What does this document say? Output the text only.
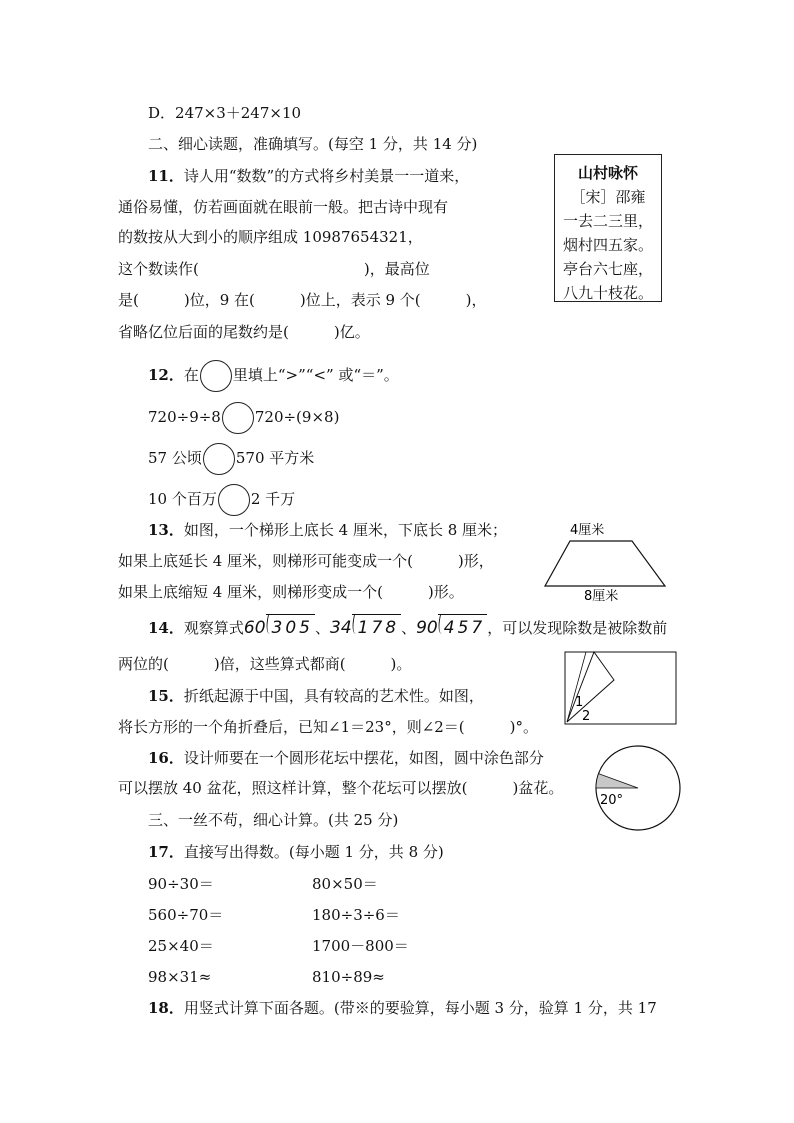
D．247×3＋247×10
二、细心读题，准确填写。(每空 1 分，共 14 分)
11．诗人用“数数”的方式将乡村美景一一道来，
通俗易懂，仿若画面就在眼前一般。把古诗中现有
的数按从大到小的顺序组成 10987654321，
这个数读作(　　　　　　　　　　　)，最高位
是(　　　)位，9 在(　　　)位上，表示 9 个(　　　)，
省略亿位后面的尾数约是(　　　)亿。
山村咏怀
［宋］邵雍
一去二三里，
烟村四五家。
亭台六七座，
八九十枝花。
12．在 里填上“>”“<” 或“＝”。
720÷9÷8 720÷(9×8)
57 公顷 570 平方米
10 个百万 2 千万
13．如图，一个梯形上底长 4 厘米，下底长 8 厘米；
如果上底延长 4 厘米，则梯形可能变成一个(　　　)形，
如果上底缩短 4 厘米，则梯形变成一个(　　　)形。
4厘米
8厘米
14．观察算式60 305 、34 178 、90 457 ，可以发现除数是被除数前
两位的(　　　)倍，这些算式都商(　　　)。
15．折纸起源于中国，具有较高的艺术性。如图，
将长方形的一个角折叠后，已知∠1＝23°，则∠2＝(　　　)°。
1
2
16．设计师要在一个圆形花坛中摆花，如图，圆中涂色部分
可以摆放 40 盆花，照这样计算，整个花坛可以摆放(　　　)盆花。
20°
三、一丝不苟，细心计算。(共 25 分)
17．直接写出得数。(每小题 1 分，共 8 分)
90÷30＝	80×50＝
560÷70＝	180÷3÷6＝
25×40＝	1700－800＝
98×31≈	810÷89≈
18．用竖式计算下面各题。(带※的要验算，每小题 3 分，验算 1 分，共 17
